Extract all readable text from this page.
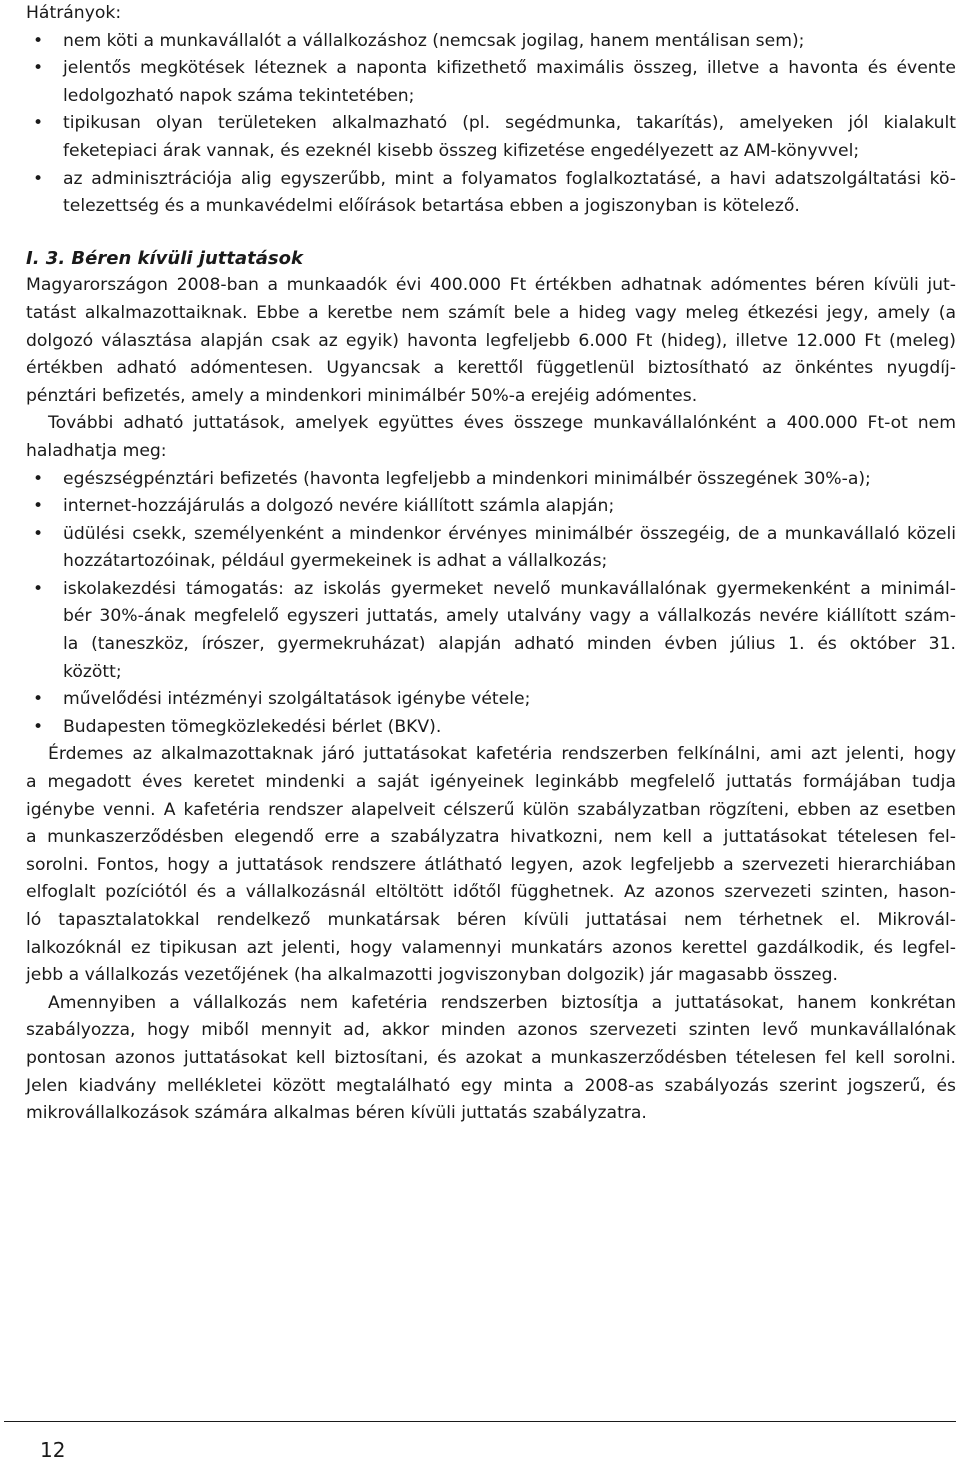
Hátrányok:
• nem köti a munkavállalót a vállalkozáshoz (nemcsak jogilag, hanem mentálisan sem);
• jelentős megkötések léteznek a naponta kifizethető maximális összeg, illetve a havonta és évente
ledolgozható napok száma tekintetében;
• tipikusan olyan területeken alkalmazható (pl. segédmunka, takarítás), amelyeken jól kialakult
feketepiaci árak vannak, és ezeknél kisebb összeg kifizetése engedélyezett az AM-könyvvel;
• az adminisztrációja alig egyszerűbb, mint a folyamatos foglalkoztatásé, a havi adatszolgáltatási kö-
telezettség és a munkavédelmi előírások betartása ebben a jogiszonyban is kötelező.
I. 3. Béren kívüli juttatások
Magyarországon 2008-ban a munkaadók évi 400.000 Ft értékben adhatnak adómentes béren kívüli jut-
tatást alkalmazottaiknak. Ebbe a keretbe nem számít bele a hideg vagy meleg étkezési jegy, amely (a
dolgozó választása alapján csak az egyik) havonta legfeljebb 6.000 Ft (hideg), illetve 12.000 Ft (meleg)
értékben adható adómentesen. Ugyancsak a kerettől függetlenül biztosítható az önkéntes nyugdíj-
pénztári befizetés, amely a mindenkori minimálbér 50%-a erejéig adómentes.
További adható juttatások, amelyek együttes éves összege munkavállalónként a 400.000 Ft-ot nem
haladhatja meg:
• egészségpénztári befizetés (havonta legfeljebb a mindenkori minimálbér összegének 30%-a);
• internet-hozzájárulás a dolgozó nevére kiállított számla alapján;
• üdülési csekk, személyenként a mindenkor érvényes minimálbér összegéig, de a munkavállaló közeli
hozzátartozóinak, például gyermekeinek is adhat a vállalkozás;
• iskolakezdési támogatás: az iskolás gyermeket nevelő munkavállalónak gyermekenként a minimál-
bér 30%-ának megfelelő egyszeri juttatás, amely utalvány vagy a vállalkozás nevére kiállított szám-
la (taneszköz, írószer, gyermekruházat) alapján adható minden évben július 1. és október 31.
között;
• művelődési intézményi szolgáltatások igénybe vétele;
• Budapesten tömegközlekedési bérlet (BKV).
Érdemes az alkalmazottaknak járó juttatásokat kafetéria rendszerben felkínálni, ami azt jelenti, hogy
a megadott éves keretet mindenki a saját igényeinek leginkább megfelelő juttatás formájában tudja
igénybe venni. A kafetéria rendszer alapelveit célszerű külön szabályzatban rögzíteni, ebben az esetben
a munkaszerződésben elegendő erre a szabályzatra hivatkozni, nem kell a juttatásokat tételesen fel-
sorolni. Fontos, hogy a juttatások rendszere átlátható legyen, azok legfeljebb a szervezeti hierarchiában
elfoglalt pozíciótól és a vállalkozásnál eltöltött időtől függhetnek. Az azonos szervezeti szinten, hason-
ló tapasztalatokkal rendelkező munkatársak béren kívüli juttatásai nem térhetnek el. Mikrovál-
lalkozóknál ez tipikusan azt jelenti, hogy valamennyi munkatárs azonos kerettel gazdálkodik, és legfel-
jebb a vállalkozás vezetőjének (ha alkalmazotti jogviszonyban dolgozik) jár magasabb összeg.
Amennyiben a vállalkozás nem kafetéria rendszerben biztosítja a juttatásokat, hanem konkrétan
szabályozza, hogy miből mennyit ad, akkor minden azonos szervezeti szinten levő munkavállalónak
pontosan azonos juttatásokat kell biztosítani, és azokat a munkaszerződésben tételesen fel kell sorolni.
Jelen kiadvány mellékletei között megtalálható egy minta a 2008-as szabályozás szerint jogszerű, és
mikrovállalkozások számára alkalmas béren kívüli juttatás szabályzatra.
12
